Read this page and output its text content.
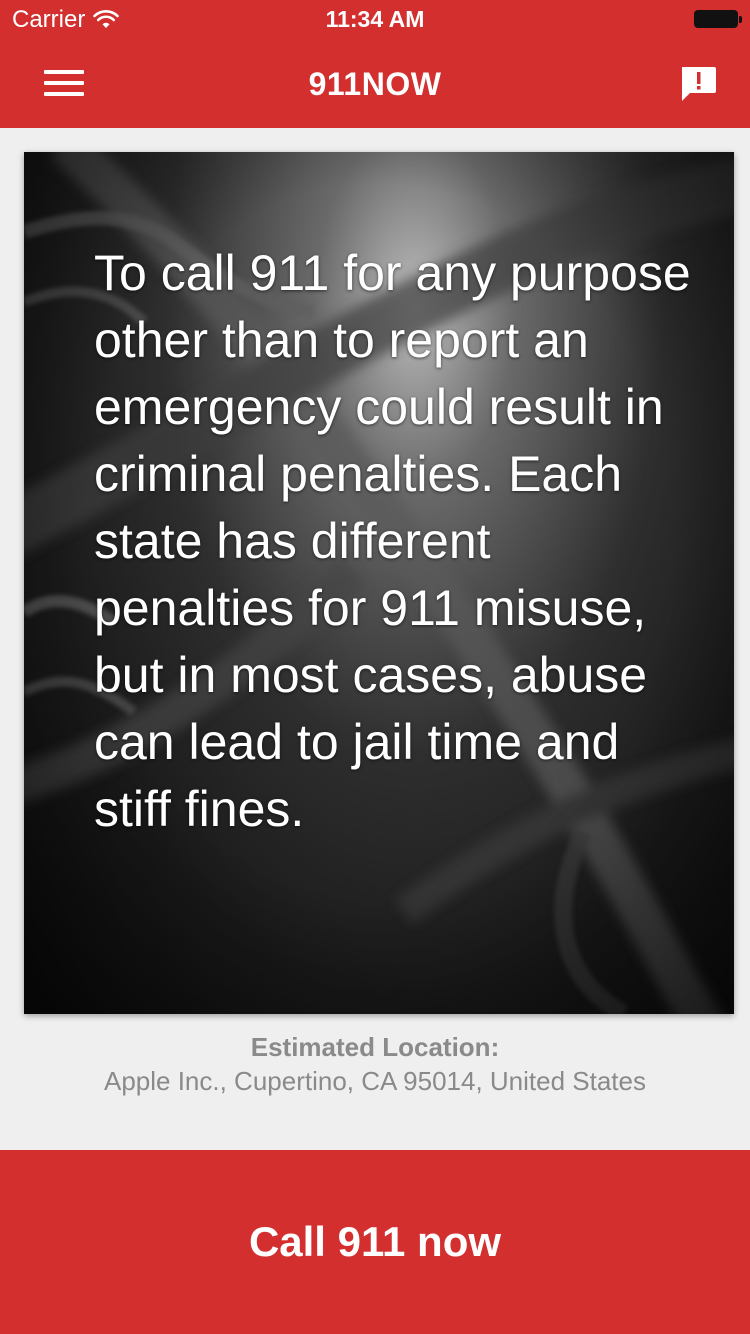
Carrier	11:34 AM
911NOW
To call 911 for any purpose other than to report an emergency could result in criminal penalties. Each state has different penalties for 911 misuse, but in most cases, abuse can lead to jail time and stiff fines.
Estimated Location:
Apple Inc., Cupertino, CA 95014, United States
Call 911 now
